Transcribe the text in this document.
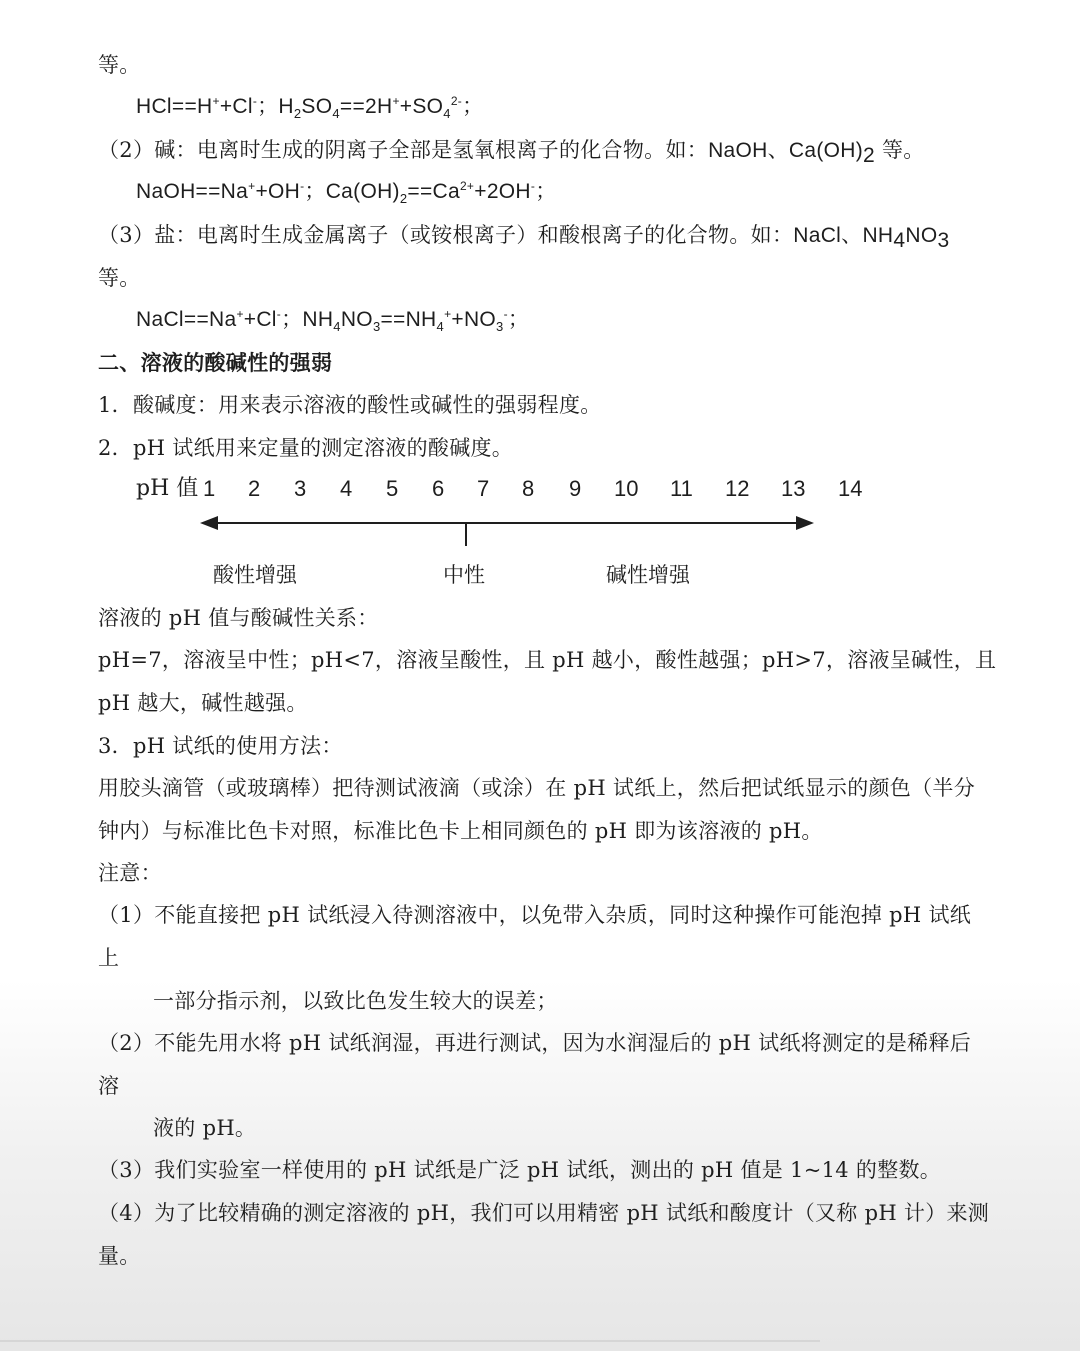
等。
HCl==H++Cl-；$H_2SO_4==2H^++SO_4^{2-}$；
（2）碱：电离时生成的阴离子全部是氢氧根离子的化合物。如：NaOH、$Ca(OH)_2$ 等。
NaOH==Na++OH-；$Ca(OH)_2==Ca^{2+}+2OH^-$；
（3）盐：电离时生成金属离子（或铵根离子）和酸根离子的化合物。如：NaCl、$NH_4NO_3$
等。
NaCl==Na++Cl-；$NH_4NO_3==NH_4^++NO_3^-$；
二、溶液的酸碱性的强弱
1．酸碱度：用来表示溶液的酸性或碱性的强弱程度。
2．pH 试纸用来定量的测定溶液的酸碱度。
pH 值 1 2 3 4 5 6 7 8 9 10 11 12 13 14
酸性增强	中性	碱性增强
溶液的 pH 值与酸碱性关系：
pH=7，溶液呈中性；pH<7，溶液呈酸性，且 pH 越小，酸性越强；pH>7，溶液呈碱性，且
pH 越大，碱性越强。
3．pH 试纸的使用方法：
用胶头滴管（或玻璃棒）把待测试液滴（或涂）在 pH 试纸上，然后把试纸显示的颜色（半分
钟内）与标准比色卡对照，标准比色卡上相同颜色的 pH 即为该溶液的 pH。
注意：
（1）不能直接把 pH 试纸浸入待测溶液中，以免带入杂质，同时这种操作可能泡掉 pH 试纸
上
一部分指示剂，以致比色发生较大的误差；
（2）不能先用水将 pH 试纸润湿，再进行测试，因为水润湿后的 pH 试纸将测定的是稀释后
溶
液的 pH。
（3）我们实验室一样使用的 pH 试纸是广泛 pH 试纸，测出的 pH 值是 1~14 的整数。
（4）为了比较精确的测定溶液的 pH，我们可以用精密 pH 试纸和酸度计（又称 pH 计）来测
量。
